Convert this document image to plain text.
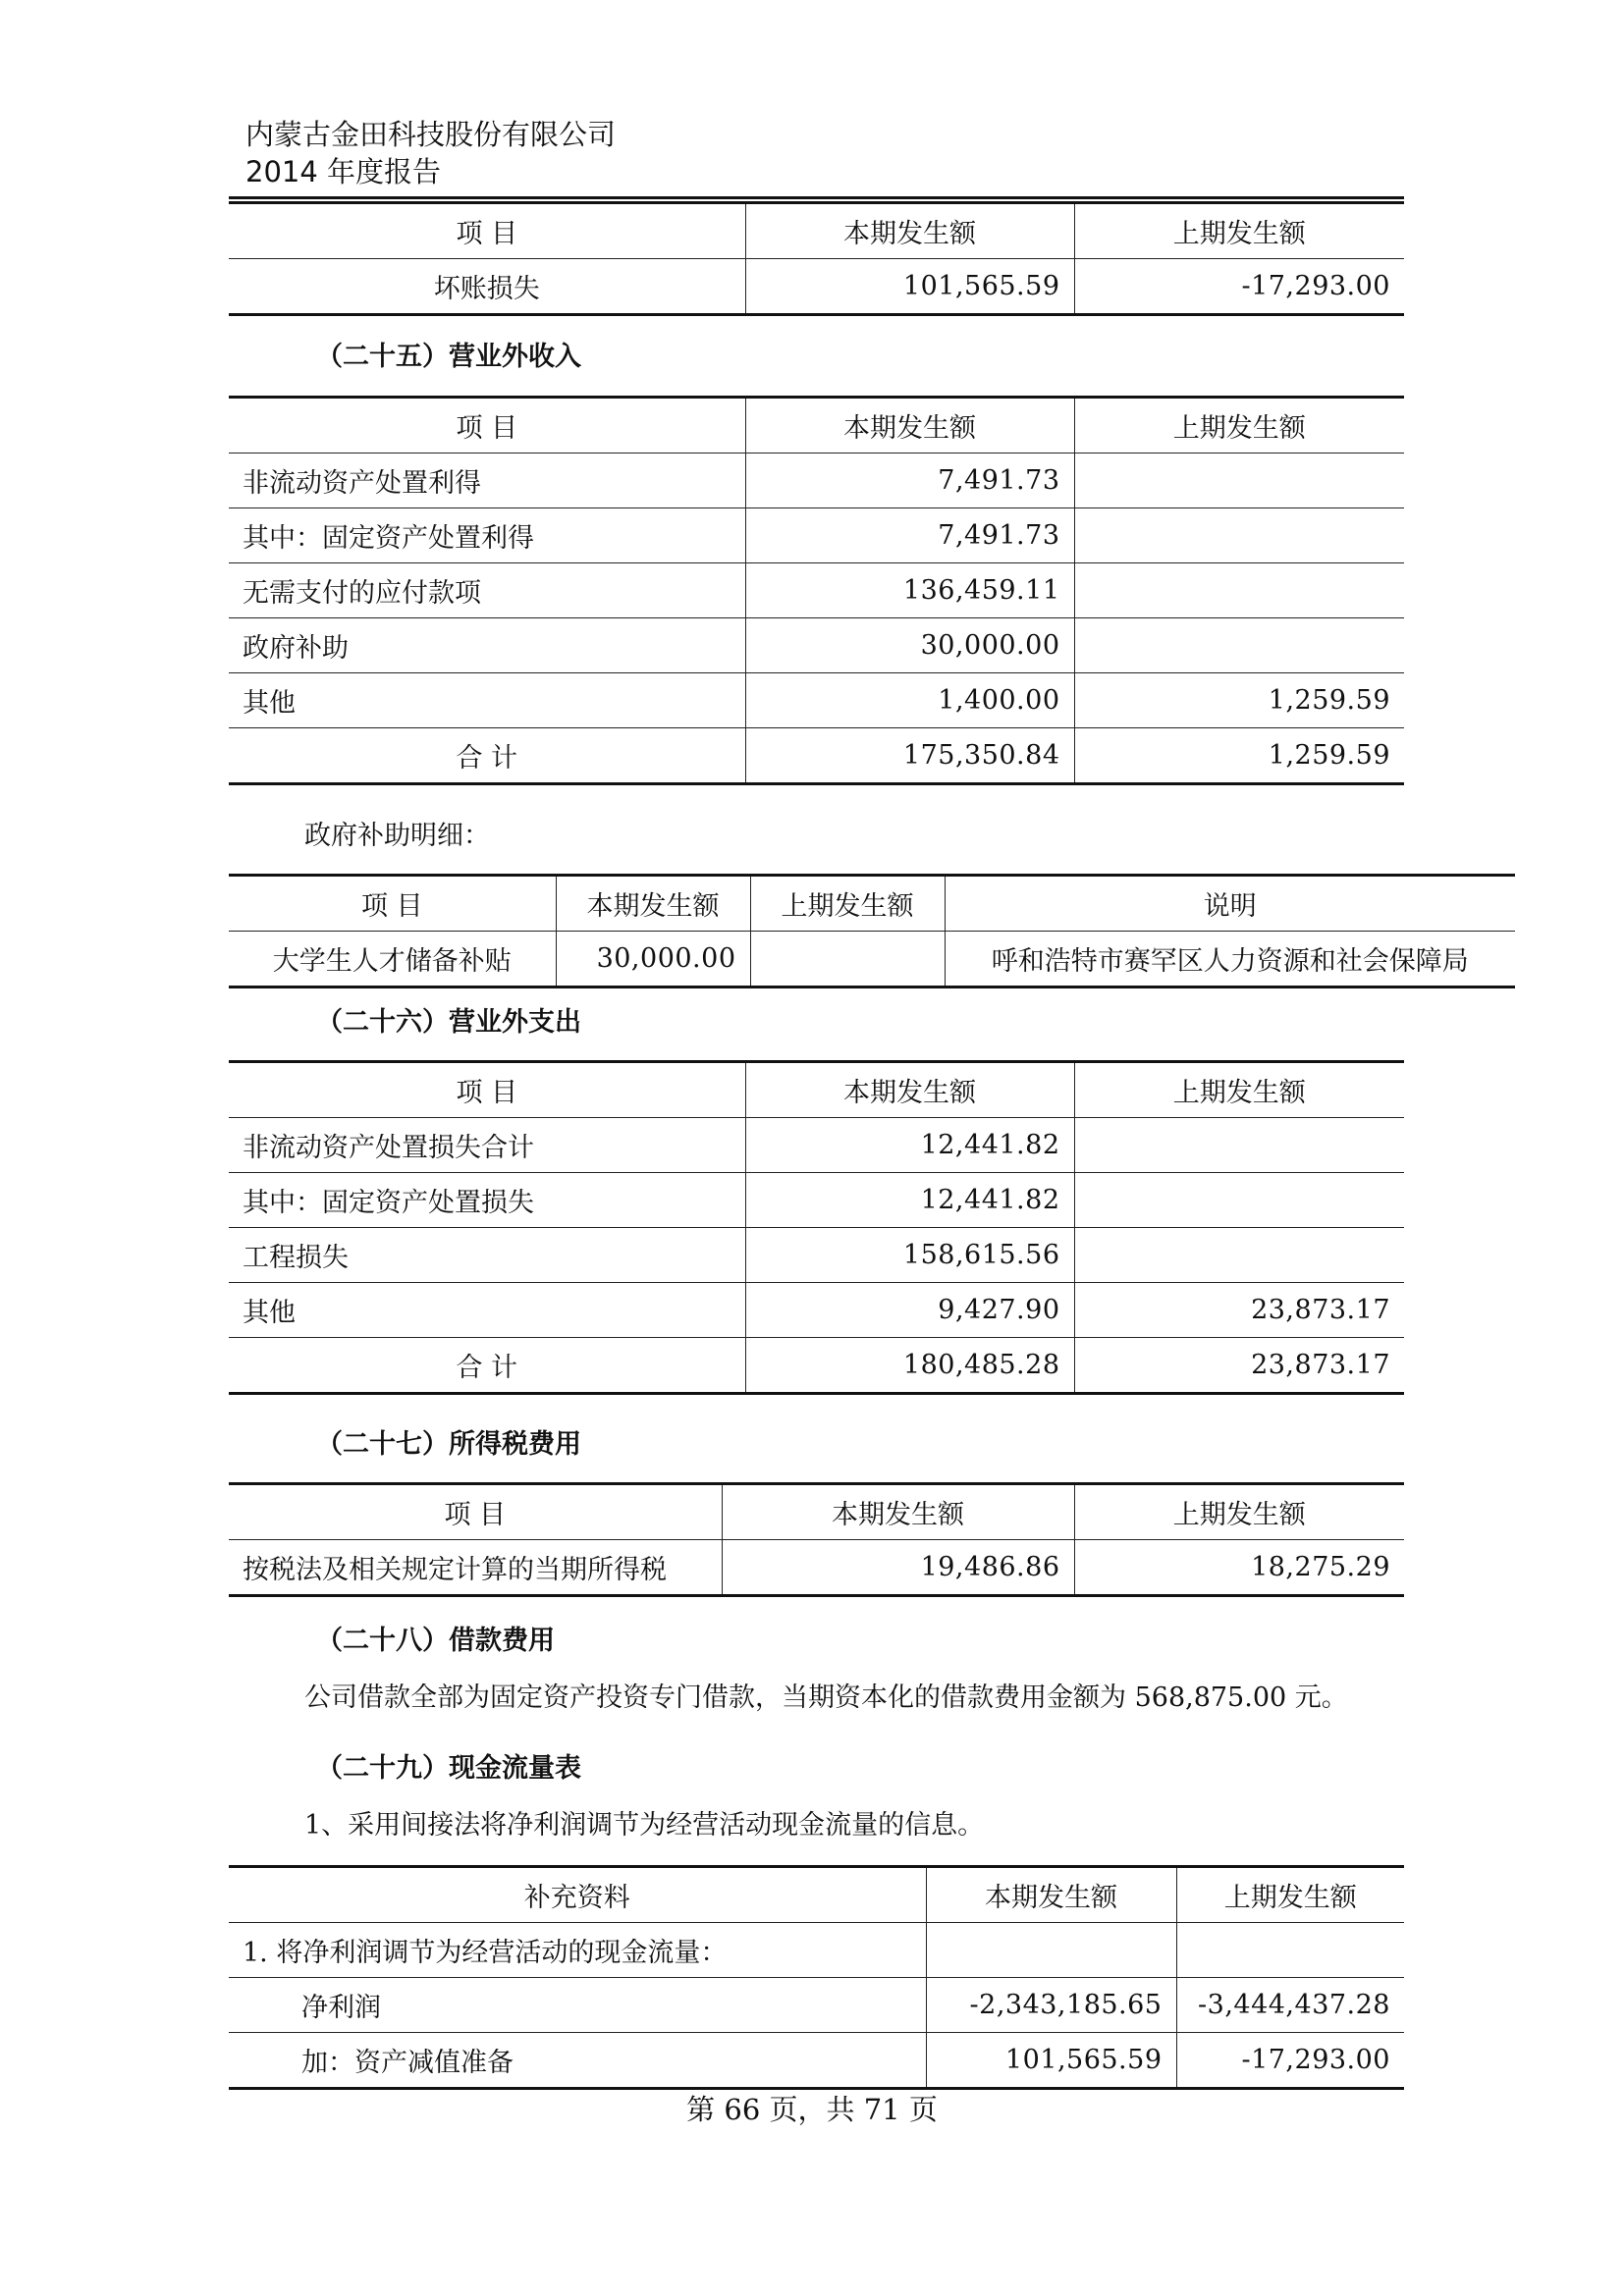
内蒙古金田科技股份有限公司
2014 年度报告
项 目	本期发生额	上期发生额
坏账损失	101,565.59	-17,293.00
（二十五）营业外收入
项 目	本期发生额	上期发生额
非流动资产处置利得	7,491.73	
其中：固定资产处置利得	7,491.73	
无需支付的应付款项	136,459.11	
政府补助	30,000.00	
其他	1,400.00	1,259.59
合 计	175,350.84	1,259.59
政府补助明细：
项 目	本期发生额	上期发生额	说明
大学生人才储备补贴	30,000.00		呼和浩特市赛罕区人力资源和社会保障局
（二十六）营业外支出
项 目	本期发生额	上期发生额
非流动资产处置损失合计	12,441.82	
其中：固定资产处置损失	12,441.82	
工程损失	158,615.56	
其他	9,427.90	23,873.17
合 计	180,485.28	23,873.17
（二十七）所得税费用
项 目	本期发生额	上期发生额
按税法及相关规定计算的当期所得税	19,486.86	18,275.29
（二十八）借款费用
公司借款全部为固定资产投资专门借款，当期资本化的借款费用金额为 568,875.00 元。
（二十九）现金流量表
1、采用间接法将净利润调节为经营活动现金流量的信息。
补充资料	本期发生额	上期发生额
1. 将净利润调节为经营活动的现金流量：		
净利润	-2,343,185.65	-3,444,437.28
加：资产减值准备	101,565.59	-17,293.00
第 66 页，共 71 页
